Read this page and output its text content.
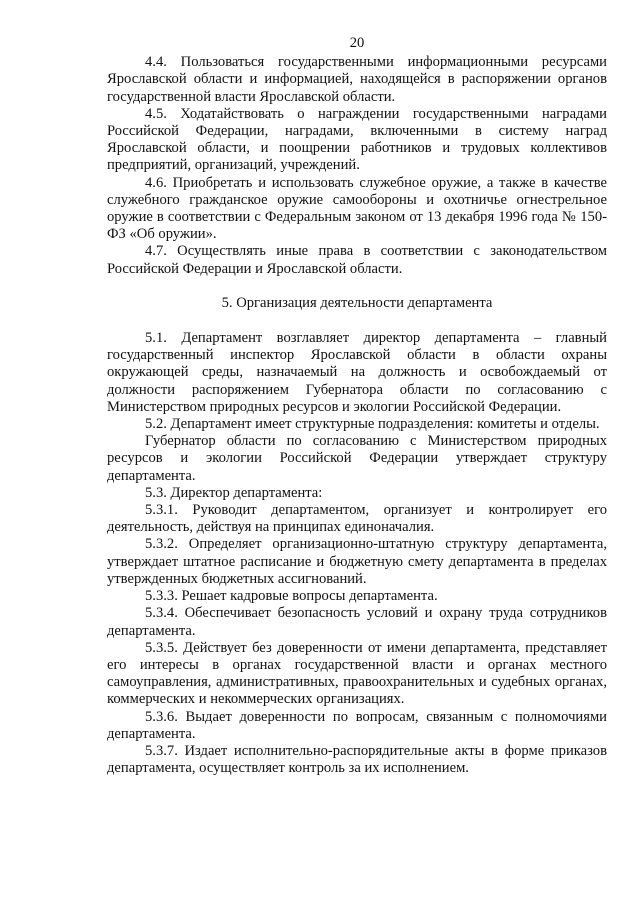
20

4.4. Пользоваться государственными информационными ресурсами Ярославской области и информацией, находящейся в распоряжении органов государственной власти Ярославской области.

4.5. Ходатайствовать о награждении государственными наградами Российской Федерации, наградами, включенными в систему наград Ярославской области, и поощрении работников и трудовых коллективов предприятий, организаций, учреждений.

4.6. Приобретать и использовать служебное оружие, а также в качестве служебного гражданское оружие самообороны и охотничье огнестрельное оружие в соответствии с Федеральным законом от 13 декабря 1996 года № 150-ФЗ «Об оружии».

4.7. Осуществлять иные права в соответствии с законодательством Российской Федерации и Ярославской области.

5. Организация деятельности департамента

5.1. Департамент возглавляет директор департамента – главный государственный инспектор Ярославской области в области охраны окружающей среды, назначаемый на должность и освобождаемый от должности распоряжением Губернатора области по согласованию с Министерством природных ресурсов и экологии Российской Федерации.

5.2. Департамент имеет структурные подразделения: комитеты и отделы.

Губернатор области по согласованию с Министерством природных ресурсов и экологии Российской Федерации утверждает структуру департамента.

5.3. Директор департамента:

5.3.1. Руководит департаментом, организует и контролирует его деятельность, действуя на принципах единоначалия.

5.3.2. Определяет организационно-штатную структуру департамента, утверждает штатное расписание и бюджетную смету департамента в пределах утвержденных бюджетных ассигнований.

5.3.3. Решает кадровые вопросы департамента.

5.3.4. Обеспечивает безопасность условий и охрану труда сотрудников департамента.

5.3.5. Действует без доверенности от имени департамента, представляет его интересы в органах государственной власти и органах местного самоуправления, административных, правоохранительных и судебных органах, коммерческих и некоммерческих организациях.

5.3.6. Выдает доверенности по вопросам, связанным с полномочиями департамента.

5.3.7. Издает исполнительно-распорядительные акты в форме приказов департамента, осуществляет контроль за их исполнением.
